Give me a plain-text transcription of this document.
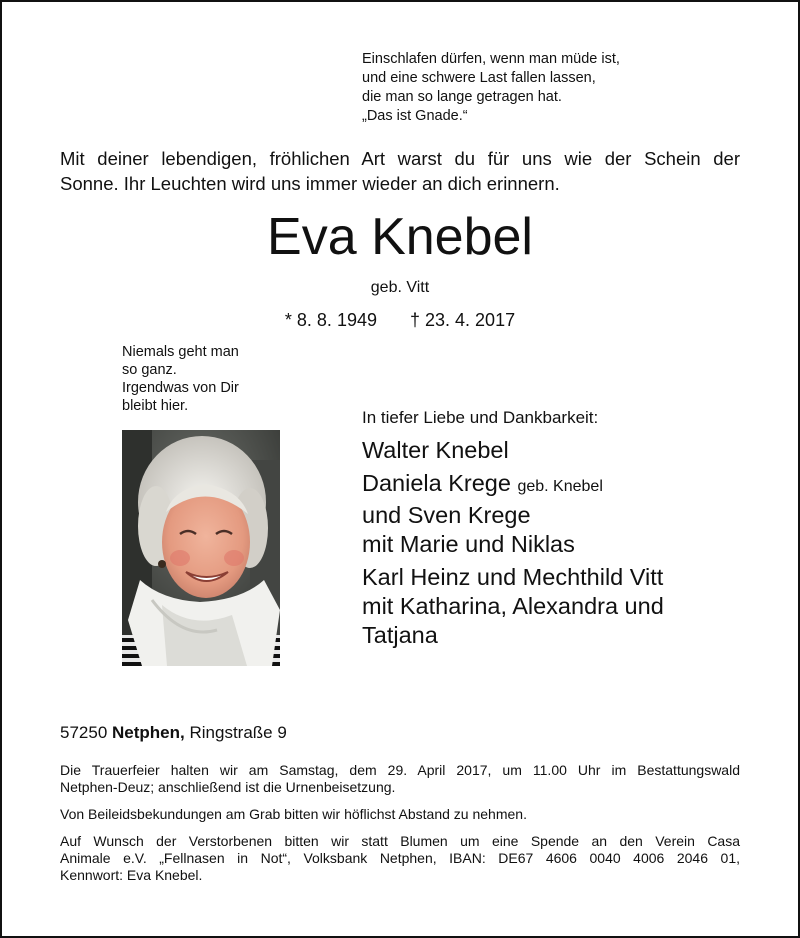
Einschlafen dürfen, wenn man müde ist,
und eine schwere Last fallen lassen,
die man so lange getragen hat.
„Das ist Gnade.“
Mit deiner lebendigen, fröhlichen Art warst du für uns wie der Schein der
Sonne. Ihr Leuchten wird uns immer wieder an dich erinnern.
Eva Knebel
geb. Vitt
* 8. 8. 1949 † 23. 4. 2017
Niemals geht man
so ganz.
Irgendwas von Dir
bleibt hier.
In tiefer Liebe und Dankbarkeit:
Walter Knebel
Daniela Krege geb. Knebel
und Sven Krege
mit Marie und Niklas
Karl Heinz und Mechthild Vitt
mit Katharina, Alexandra und
Tatjana
57250 Netphen, Ringstraße 9
Die Trauerfeier halten wir am Samstag, dem 29. April 2017, um 11.00 Uhr im Bestattungswald
Netphen-Deuz; anschließend ist die Urnenbeisetzung.
Von Beileidsbekundungen am Grab bitten wir höflichst Abstand zu nehmen.
Auf Wunsch der Verstorbenen bitten wir statt Blumen um eine Spende an den Verein Casa
Animale e.V. „Fellnasen in Not“, Volksbank Netphen, IBAN: DE67 4606 0040 4006 2046 01,
Kennwort: Eva Knebel.
